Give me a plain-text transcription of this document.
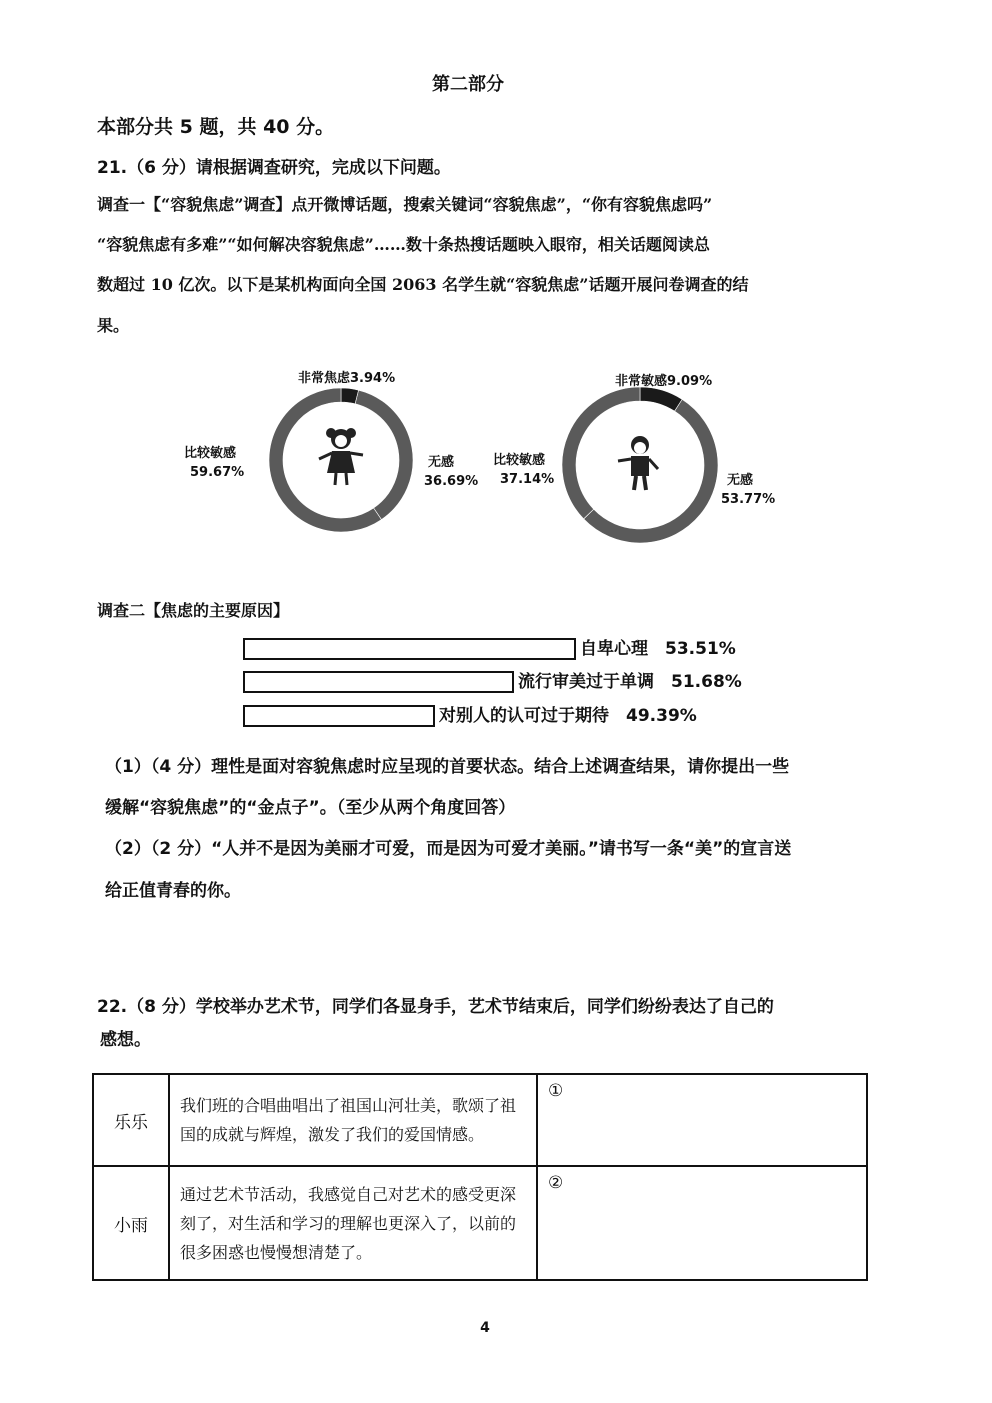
第二部分
本部分共 5 题，共 40 分。
21.（6 分）请根据调查研究，完成以下问题。
调查一【“容貌焦虑”调查】点开微博话题，搜索关键词“容貌焦虑”，“你有容貌焦虑吗”
“容貌焦虑有多难”“如何解决容貌焦虑”……数十条热搜话题映入眼帘，相关话题阅读总
数超过 10 亿次。以下是某机构面向全国 2063 名学生就“容貌焦虑”话题开展问卷调查的结
果。
非常焦虑3.94%
无感
36.69%
比较敏感
59.67%
非常敏感9.09%
无感
53.77%
比较敏感
37.14%
调查二【焦虑的主要原因】
自卑心理　53.51%
流行审美过于单调　51.68%
对别人的认可过于期待　49.39%
（1）（4 分）理性是面对容貌焦虑时应呈现的首要状态。结合上述调查结果，请你提出一些
缓解“容貌焦虑”的“金点子”。（至少从两个角度回答）
（2）（2 分）“人并不是因为美丽才可爱，而是因为可爱才美丽。”请书写一条“美”的宣言送
给正值青春的你。
22.（8 分）学校举办艺术节，同学们各显身手，艺术节结束后，同学们纷纷表达了自己的
感想。
乐乐	我们班的合唱曲唱出了祖国山河壮美，歌颂了祖国的成就与辉煌，激发了我们的爱国情感。	①
小雨	通过艺术节活动，我感觉自己对艺术的感受更深刻了，对生活和学习的理解也更深入了，以前的很多困惑也慢慢想清楚了。	②
4
